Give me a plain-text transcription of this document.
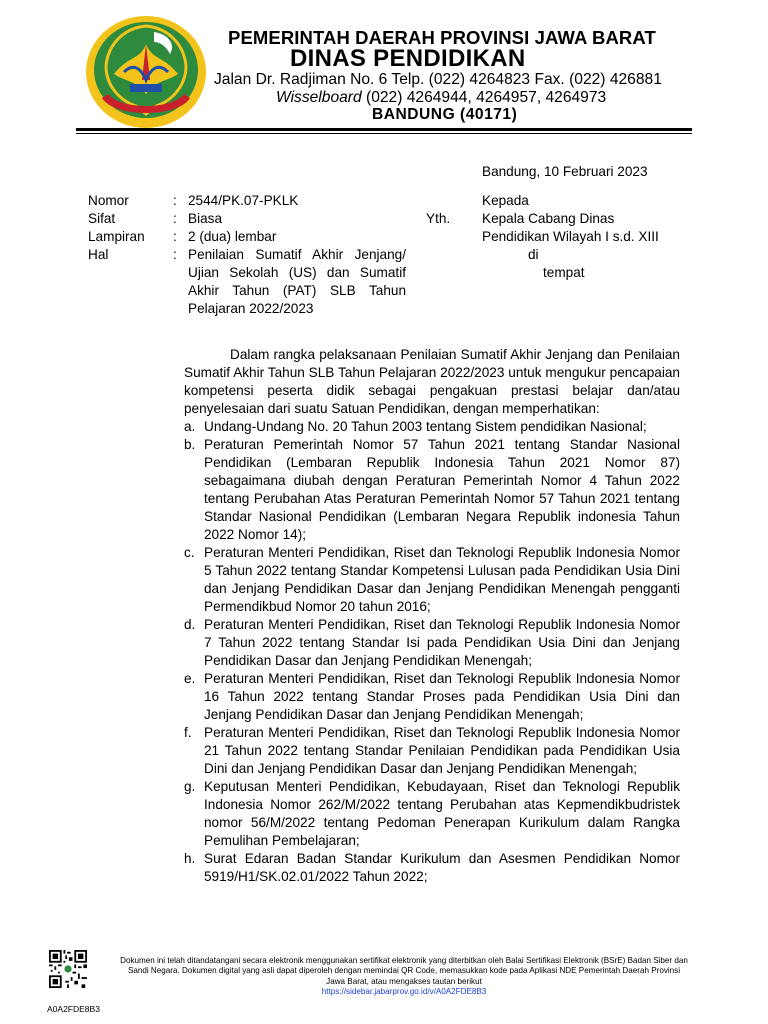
PEMERINTAH DAERAH PROVINSI JAWA BARAT
DINAS PENDIDIKAN
Jalan Dr. Radjiman No. 6 Telp. (022) 4264823 Fax. (022) 426881
Wisselboard (022) 4264944, 4264957, 4264973
BANDUNG (40171)
Bandung, 10 Februari 2023
Nomor	: 2544/PK.07-PKLK
Sifat	: Biasa
Lampiran : 2 (dua) lembar
Hal	: Penilaian Sumatif Akhir Jenjang/ Ujian Sekolah (US) dan Sumatif Akhir Tahun (PAT) SLB Tahun Pelajaran 2022/2023
Kepada
Yth. Kepala Cabang Dinas
Pendidikan Wilayah I s.d. XIII
di
tempat

Dalam rangka pelaksanaan Penilaian Sumatif Akhir Jenjang dan Penilaian Sumatif Akhir Tahun SLB Tahun Pelajaran 2022/2023 untuk mengukur pencapaian kompetensi peserta didik sebagai pengakuan prestasi belajar dan/atau penyelesaian dari suatu Satuan Pendidikan, dengan memperhatikan:

a. Undang-Undang No. 20 Tahun 2003 tentang Sistem pendidikan Nasional;
b. Peraturan Pemerintah Nomor 57 Tahun 2021 tentang Standar Nasional Pendidikan (Lembaran Republik Indonesia Tahun 2021 Nomor 87) sebagaimana diubah dengan Peraturan Pemerintah Nomor 4 Tahun 2022 tentang Perubahan Atas Peraturan Pemerintah Nomor 57 Tahun 2021 tentang Standar Nasional Pendidikan (Lembaran Negara Republik indonesia Tahun 2022 Nomor 14);
c. Peraturan Menteri Pendidikan, Riset dan Teknologi Republik Indonesia Nomor 5 Tahun 2022 tentang Standar Kompetensi Lulusan pada Pendidikan Usia Dini dan Jenjang Pendidikan Dasar dan Jenjang Pendidikan Menengah pengganti Permendikbud Nomor 20 tahun 2016;
d. Peraturan Menteri Pendidikan, Riset dan Teknologi Republik Indonesia Nomor 7 Tahun 2022 tentang Standar Isi pada Pendidikan Usia Dini dan Jenjang Pendidikan Dasar dan Jenjang Pendidikan Menengah;
e. Peraturan Menteri Pendidikan, Riset dan Teknologi Republik Indonesia Nomor 16 Tahun 2022 tentang Standar Proses pada Pendidikan Usia Dini dan Jenjang Pendidikan Dasar dan Jenjang Pendidikan Menengah;
f. Peraturan Menteri Pendidikan, Riset dan Teknologi Republik Indonesia Nomor 21 Tahun 2022 tentang Standar Penilaian Pendidikan pada Pendidikan Usia Dini dan Jenjang Pendidikan Dasar dan Jenjang Pendidikan Menengah;
g. Keputusan Menteri Pendidikan, Kebudayaan, Riset dan Teknologi Republik Indonesia Nomor 262/M/2022 tentang Perubahan atas Kepmendikbudristek nomor 56/M/2022 tentang Pedoman Penerapan Kurikulum dalam Rangka Pemulihan Pembelajaran;
h. Surat Edaran Badan Standar Kurikulum dan Asesmen Pendidikan Nomor 5919/H1/SK.02.01/2022 Tahun 2022;
A0A2FDE8B3
Dokumen ini telah ditandatangani secara elektronik menggunakan sertifikat elektronik yang diterbitkan oleh Balai Sertifikasi Elektronik (BSrE) Badan Siber dan Sandi Negara. Dokumen digital yang asli dapat diperoleh dengan memindai QR Code, memasukkan kode pada Aplikasi NDE Pemerintah Daerah Provinsi Jawa Barat, atau mengakses tautan berikut
https://sidebar.jabarprov.go.id/v/A0A2FDE8B3
